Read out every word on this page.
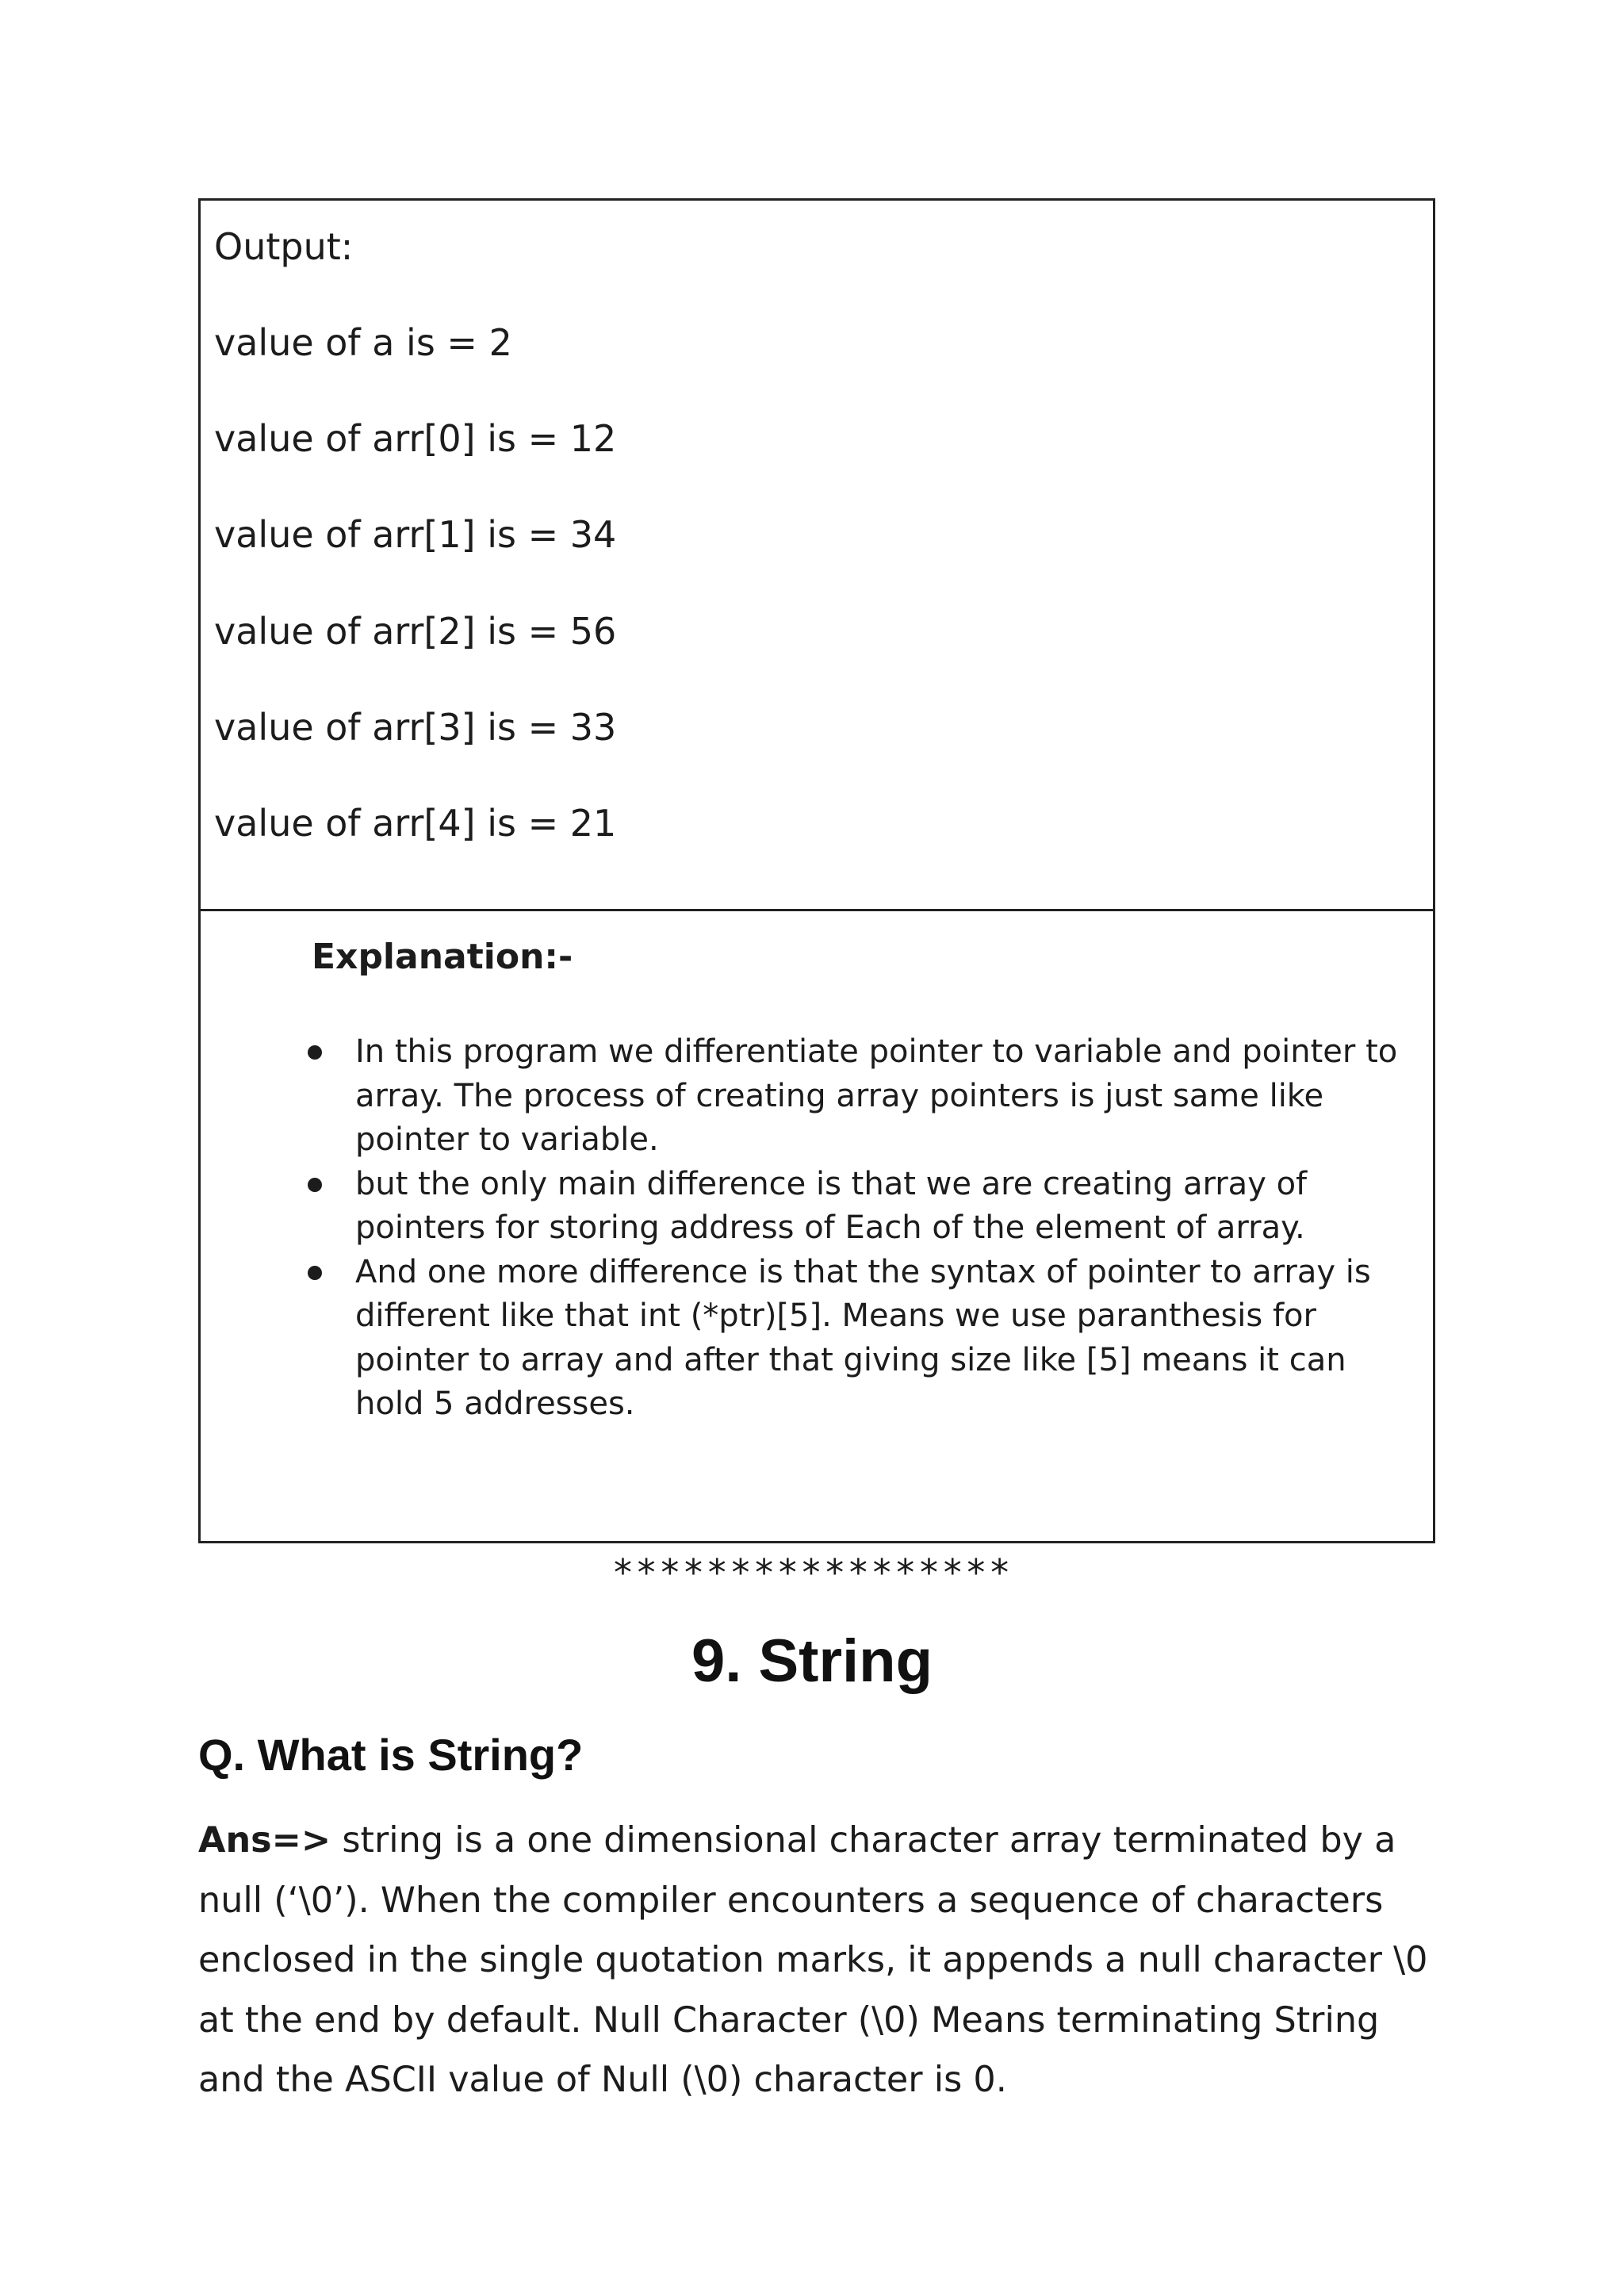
Output:
value of a is = 2
value of arr[0] is = 12
value of arr[1] is = 34
value of arr[2] is = 56
value of arr[3] is = 33
value of arr[4] is = 21
Explanation:-
In this program we differentiate pointer to variable and pointer to array. The process of creating array pointers is just same like pointer to variable.
but the only main difference is that we are creating array of pointers for storing address of Each of the element of array.
And one more difference is that the syntax of pointer to array is different like that int (*ptr)[5]. Means we use paranthesis for pointer to array and after that giving size like [5] means it can hold 5 addresses.
*****************
9. String
Q. What is String?
Ans=> string is a one dimensional character array terminated by a null (‘\0’). When the compiler encounters a sequence of characters enclosed in the single quotation marks, it appends a null character \0 at the end by default. Null Character (\0) Means terminating String and the ASCII value of Null (\0) character is 0.
